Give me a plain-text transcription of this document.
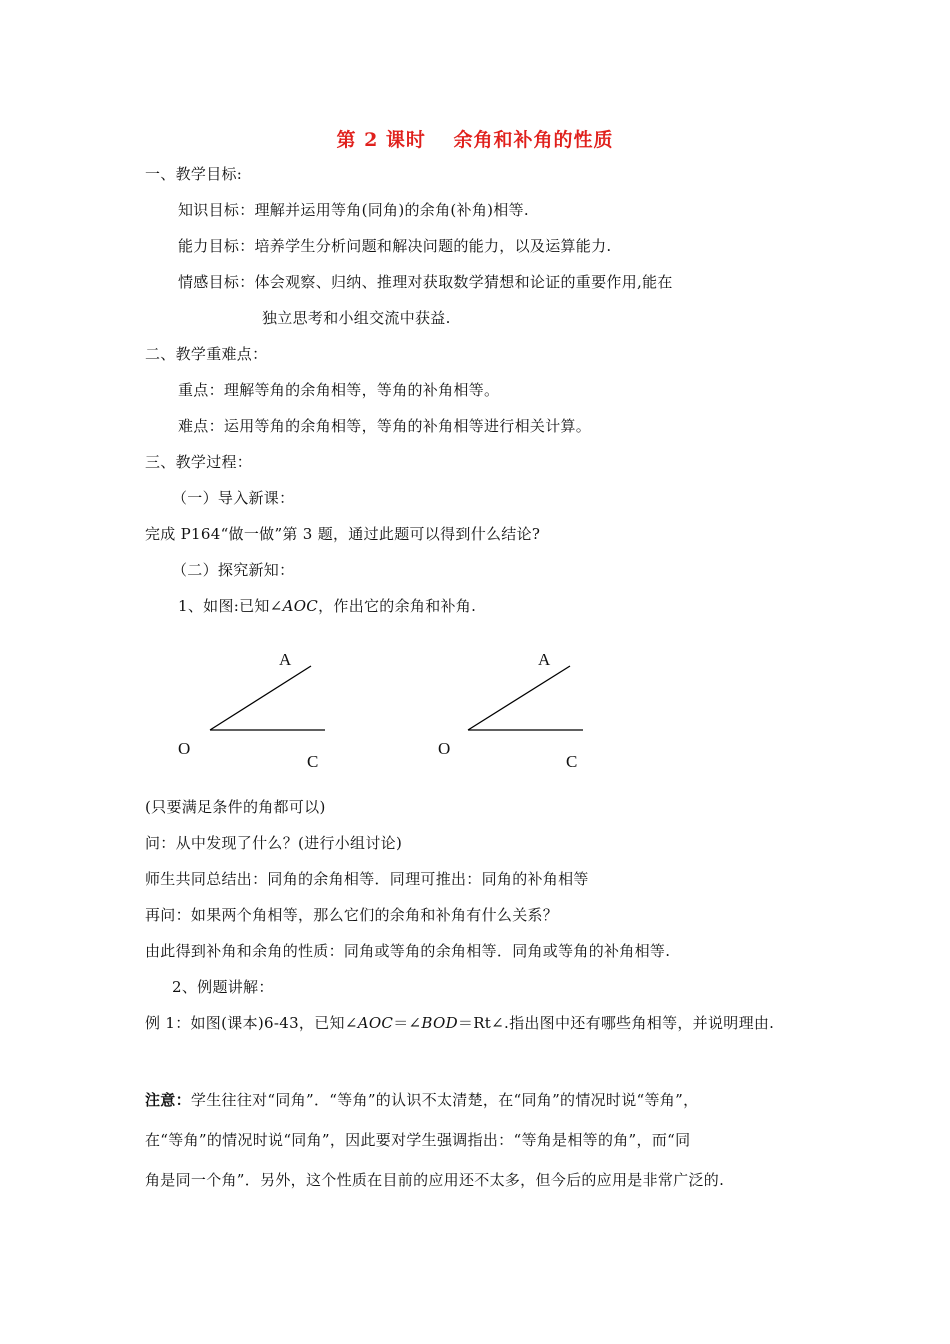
第 2 课时　 余角和补角的性质
一、教学目标:
知识目标：理解并运用等角(同角)的余角(补角)相等.
能力目标：培养学生分析问题和解决问题的能力，以及运算能力.
情感目标：体会观察、归纳、推理对获取数学猜想和论证的重要作用,能在
独立思考和小组交流中获益.
二、教学重难点：
重点：理解等角的余角相等，等角的补角相等。
难点：运用等角的余角相等，等角的补角相等进行相关计算。
三、教学过程：
（一）导入新课：
完成 P164“做一做”第 3 题，通过此题可以得到什么结论?
（二）探究新知：
1、如图:已知∠AOC，作出它的余角和补角.
A
O
C
A
O
C
(只要满足条件的角都可以)
问：从中发现了什么？(进行小组讨论)
师生共同总结出：同角的余角相等．同理可推出：同角的补角相等
再问：如果两个角相等，那么它们的余角和补角有什么关系？
由此得到补角和余角的性质：同角或等角的余角相等．同角或等角的补角相等.
2、例题讲解：
例 1：如图(课本)6-43，已知∠AOC＝∠BOD＝Rt∠.指出图中还有哪些角相等，并说明理由.
注意：学生往往对“同角”．“等角”的认识不太清楚，在“同角”的情况时说“等角”，
在“等角”的情况时说“同角”，因此要对学生强调指出：“等角是相等的角”，而“同
角是同一个角”．另外，这个性质在目前的应用还不太多，但今后的应用是非常广泛的.
